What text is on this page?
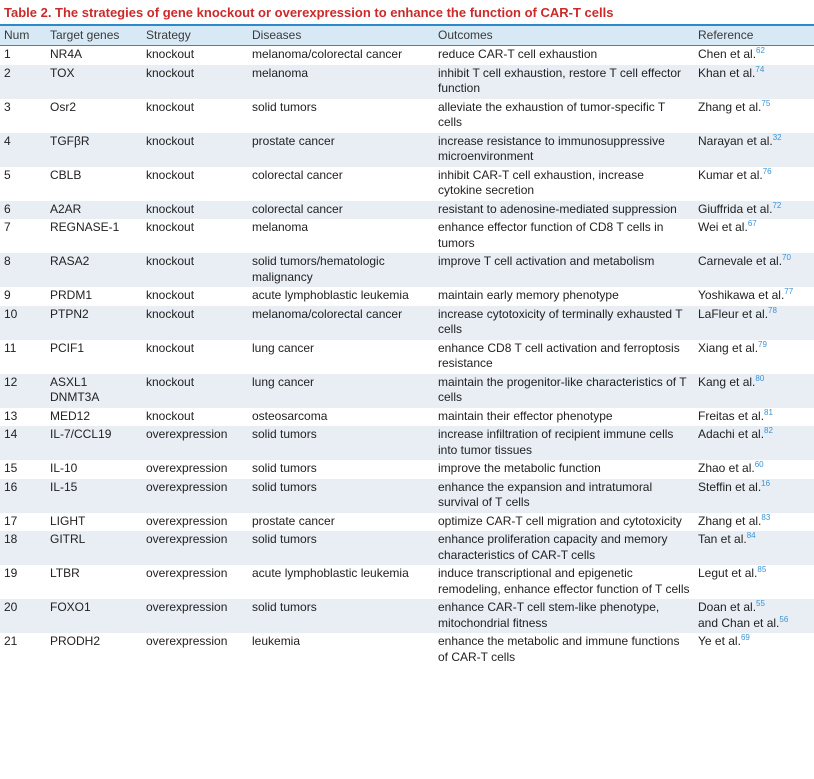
Table 2. The strategies of gene knockout or overexpression to enhance the function of CAR-T cells
Num	Target genes	Strategy	Diseases	Outcomes	Reference
1	NR4A	knockout	melanoma/colorectal cancer	reduce CAR-T cell exhaustion	Chen et al.$^{62}$
2	TOX	knockout	melanoma	inhibit T cell exhaustion, restore T cell effector function	Khan et al.$^{74}$
3	Osr2	knockout	solid tumors	alleviate the exhaustion of tumor-specific T cells	Zhang et al.$^{75}$
4	TGFβR	knockout	prostate cancer	increase resistance to immunosuppressive microenvironment	Narayan et al.$^{32}$
5	CBLB	knockout	colorectal cancer	inhibit CAR-T cell exhaustion, increase cytokine secretion	Kumar et al.$^{76}$
6	A2AR	knockout	colorectal cancer	resistant to adenosine-mediated suppression	Giuffrida et al.$^{72}$
7	REGNASE-1	knockout	melanoma	enhance effector function of CD8 T cells in tumors	Wei et al.$^{67}$
8	RASA2	knockout	solid tumors/hematologic malignancy	improve T cell activation and metabolism	Carnevale et al.$^{70}$
9	PRDM1	knockout	acute lymphoblastic leukemia	maintain early memory phenotype	Yoshikawa et al.$^{77}$
10	PTPN2	knockout	melanoma/colorectal cancer	increase cytotoxicity of terminally exhausted T cells	LaFleur et al.$^{78}$
11	PCIF1	knockout	lung cancer	enhance CD8 T cell activation and ferroptosis resistance	Xiang et al.$^{79}$
12	ASXL1
DNMT3A	knockout	lung cancer	maintain the progenitor-like characteristics of T cells	Kang et al.$^{80}$
13	MED12	knockout	osteosarcoma	maintain their effector phenotype	Freitas et al.$^{81}$
14	IL-7/CCL19	overexpression	solid tumors	increase infiltration of recipient immune cells into tumor tissues	Adachi et al.$^{82}$
15	IL-10	overexpression	solid tumors	improve the metabolic function	Zhao et al.$^{60}$
16	IL-15	overexpression	solid tumors	enhance the expansion and intratumoral survival of T cells	Steffin et al.$^{16}$
17	LIGHT	overexpression	prostate cancer	optimize CAR-T cell migration and cytotoxicity	Zhang et al.$^{83}$
18	GITRL	overexpression	solid tumors	enhance proliferation capacity and memory characteristics of CAR-T cells	Tan et al.$^{84}$
19	LTBR	overexpression	acute lymphoblastic leukemia	induce transcriptional and epigenetic remodeling, enhance effector function of T cells	Legut et al.$^{85}$
20	FOXO1	overexpression	solid tumors	enhance CAR-T cell stem-like phenotype, mitochondrial fitness	Doan et al.$^{55}$
and Chan et al.$^{56}$
21	PRODH2	overexpression	leukemia	enhance the metabolic and immune functions of CAR-T cells	Ye et al.$^{69}$
